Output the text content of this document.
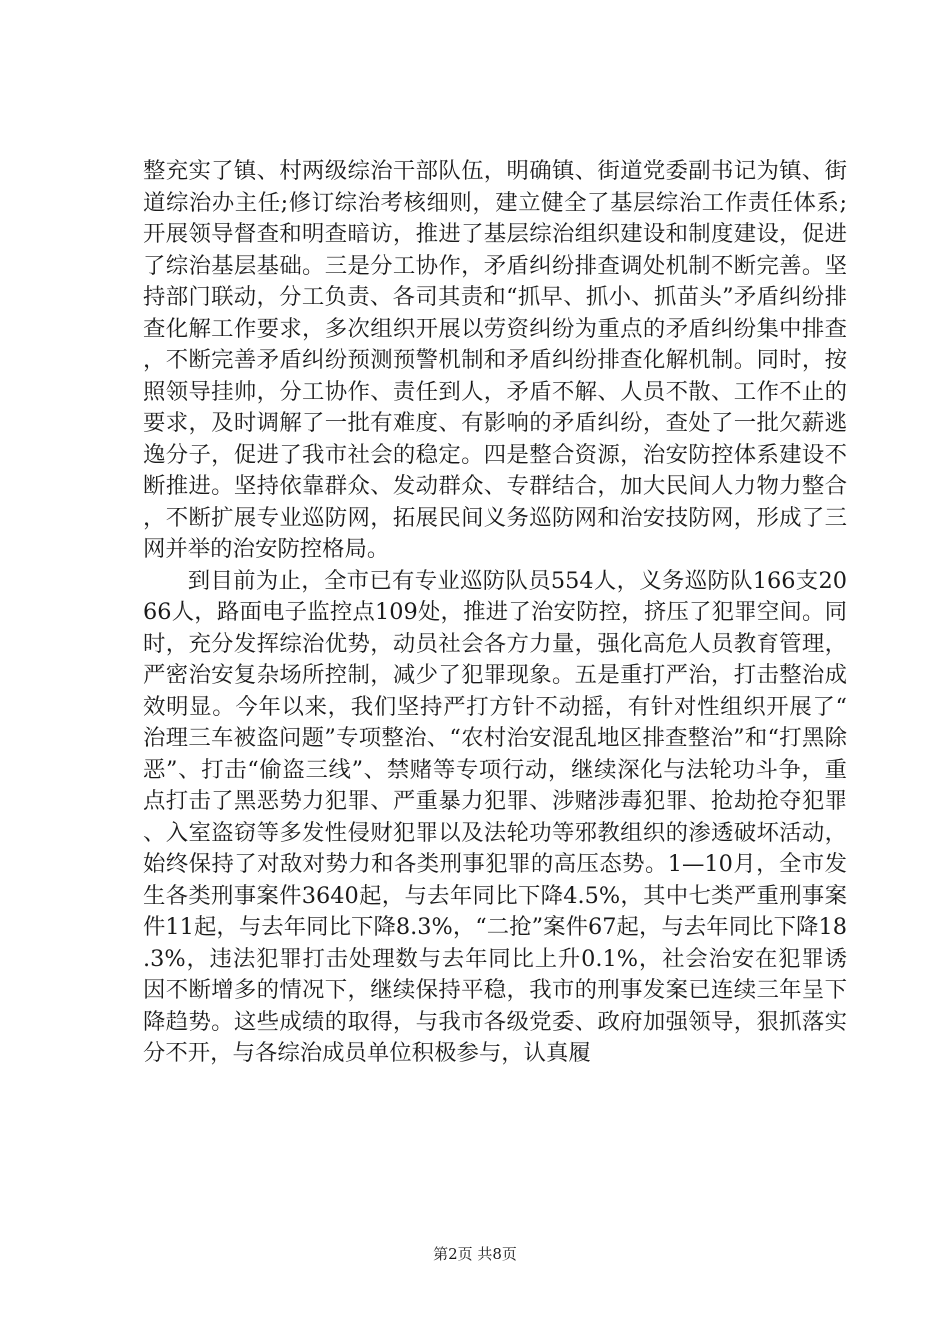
整充实了镇、村两级综治干部队伍，明确镇、街道党委副书记为镇、街道综治办主任;修订综治考核细则，建立健全了基层综治工作责任体系;开展领导督查和明查暗访，推进了基层综治组织建设和制度建设，促进了综治基层基础。三是分工协作，矛盾纠纷排查调处机制不断完善。坚持部门联动，分工负责、各司其责和“抓早、抓小、抓苗头”矛盾纠纷排查化解工作要求，多次组织开展以劳资纠纷为重点的矛盾纠纷集中排查，不断完善矛盾纠纷预测预警机制和矛盾纠纷排查化解机制。同时，按照领导挂帅，分工协作、责任到人，矛盾不解、人员不散、工作不止的要求，及时调解了一批有难度、有影响的矛盾纠纷，查处了一批欠薪逃逸分子，促进了我市社会的稳定。四是整合资源，治安防控体系建设不断推进。坚持依靠群众、发动群众、专群结合，加大民间人力物力整合，不断扩展专业巡防网，拓展民间义务巡防网和治安技防网，形成了三网并举的治安防控格局。

到目前为止，全市已有专业巡防队员554人，义务巡防队166支2066人，路面电子监控点109处，推进了治安防控，挤压了犯罪空间。同时，充分发挥综治优势，动员社会各方力量，强化高危人员教育管理，严密治安复杂场所控制，减少了犯罪现象。五是重打严治，打击整治成效明显。今年以来，我们坚持严打方针不动摇，有针对性组织开展了“治理三车被盗问题”专项整治、“农村治安混乱地区排查整治”和“打黑除恶”、打击“偷盗三线”、禁赌等专项行动，继续深化与法轮功斗争，重点打击了黑恶势力犯罪、严重暴力犯罪、涉赌涉毒犯罪、抢劫抢夺犯罪、入室盗窃等多发性侵财犯罪以及法轮功等邪教组织的渗透破坏活动，始终保持了对敌对势力和各类刑事犯罪的高压态势。1—10月，全市发生各类刑事案件3640起，与去年同比下降4.5%，其中七类严重刑事案件11起，与去年同比下降8.3%，“二抢”案件67起，与去年同比下降18.3%，违法犯罪打击处理数与去年同比上升0.1%，社会治安在犯罪诱因不断增多的情况下，继续保持平稳，我市的刑事发案已连续三年呈下降趋势。这些成绩的取得，与我市各级党委、政府加强领导，狠抓落实分不开，与各综治成员单位积极参与，认真履

第2页 共8页
